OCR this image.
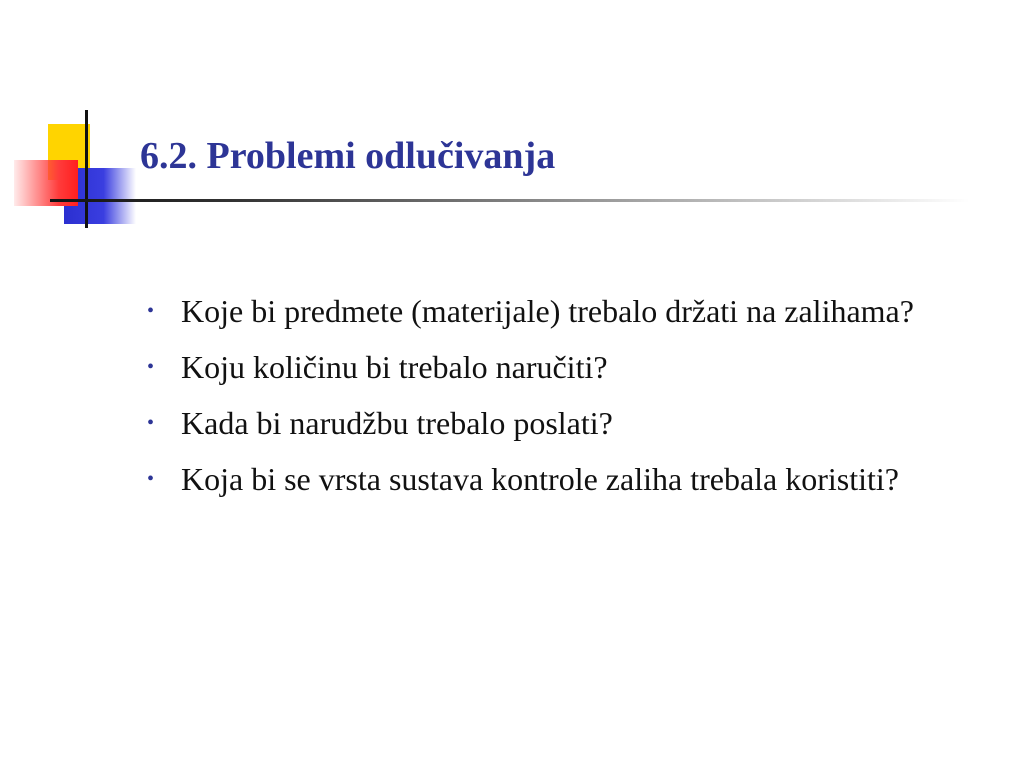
6.2. Problemi odlučivanja
• Koje bi predmete (materijale) trebalo držati na zalihama?
• Koju količinu bi trebalo naručiti?
• Kada bi narudžbu trebalo poslati?
• Koja bi se vrsta sustava kontrole zaliha trebala koristiti?
